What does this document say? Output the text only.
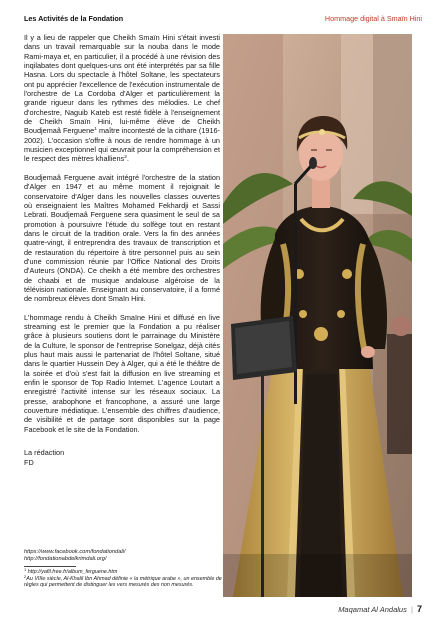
Les Activités de la Fondation	Hommage digital à Smaïn Hini

Il y a lieu de rappeler que Cheikh Smaïn Hini s'était investi dans un travail remarquable sur la nouba dans le mode Rami-maya et, en particulier, il a procédé à une révision des inqilabates dont quelques-uns ont été interprétés par sa fille Hasna. Lors du spectacle à l'hôtel Soltane, les spectateurs ont pu apprécier l'excellence de l'exécution instrumentale de l'orchestre de La Cordoba d'Alger et particulièrement la grande rigueur dans les rythmes des mélodies. Le chef d'orchestre, Naguib Kateb est resté fidèle à l'enseignement de Cheikh Smaïn Hini, lui-même élève de Cheikh Boudjemaâ Ferguene$^1$ maître incontesté de la cithare (1916-2002). L'occasion s'offre à nous de rendre hommage à un musicien exceptionnel qui œuvrait pour la compréhension et le respect des mètres khalliens$^2$.

Boudjemaâ Ferguene avait intégré l'orchestre de la station d'Alger en 1947 et au même moment il rejoignait le conservatoire d'Alger dans les nouvelles classes ouvertes où enseignaient les Maîtres Mohamed Fekhardji et Sassi Lebrati. Boudjemaâ Ferguene sera quasiment le seul de sa promotion à poursuivre l'étude du solfège tout en restant dans le circuit de la tradition orale. Vers la fin des années quatre-vingt, il entreprendra des travaux de transcription et de restauration du répertoire à titre personnel puis au sein d'une commission réunie par l'Office National des Droits d'Auteurs (ONDA). Ce cheikh a été membre des orchestres de chaabi et de musique andalouse algéroise de la télévision nationale. Enseignant au conservatoire, il a formé de nombreux élèves dont Smaïn Hini.

L'hommage rendu à Cheikh Smaïne Hini et diffusé en live streaming est le premier que la Fondation a pu réaliser grâce à plusieurs soutiens dont le parrainage du Ministère de la Culture, le sponsor de l'entreprise Sonelgaz, déjà cités plus haut mais aussi le partenariat de l'hôtel Soltane, situé dans le quartier Hussein Dey à Alger, qui a été le théâtre de la soirée et d'où s'est fait la diffusion en live streaming et enfin le sponsor de Top Radio Internet. L'agence Loutart a enregistré l'activité intense sur les réseaux sociaux. La presse, arabophone et francophone, a assuré une large couverture médiatique. L'ensemble des chiffres d'audience, de visibilité et de partage sont disponibles sur la page Facebook et le site de la Fondation.

La rédaction
FD
https://www.facebook.com/fondationdali/
http://fondationabdelkrimdali.org/
$^1$ http://yafil.free.fr/album_ferguene.htm
$^2$Au VIIIe siècle, Al-Khalil Ibn Ahmad définie « la métrique arabe », un ensemble de règles qui permettent de distinguer les vers mesurés des non mesurés.
Maqamat Al Andalus | 7
